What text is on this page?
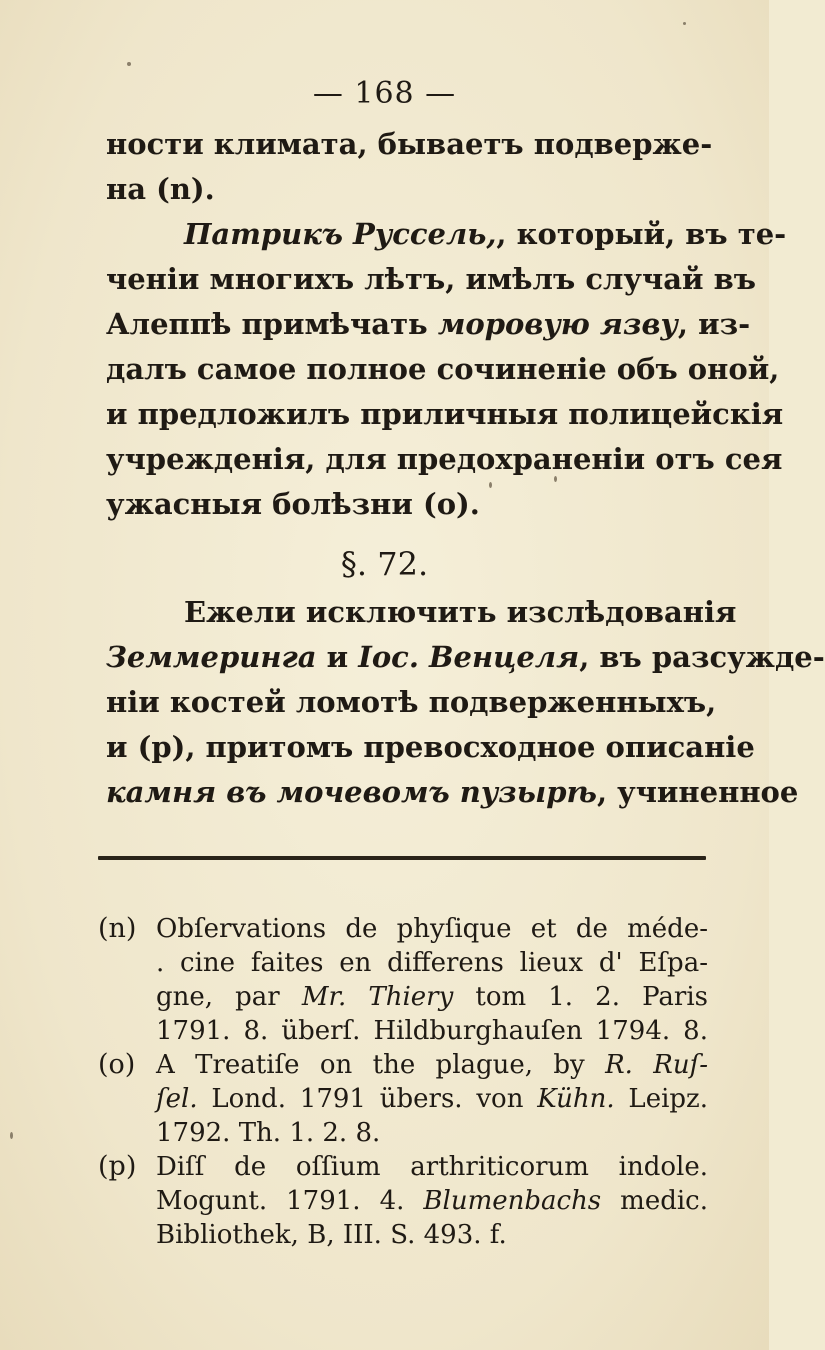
— 168 —
ности климата, бываетъ подверже-
на (n).
Патрикъ Руссель,, который, въ те-
ченіи многихъ лѣтъ, имѣлъ случай въ
Алеппѣ примѣчать моровую язву, из-
далъ самое полное сочиненіе объ оной,
и предложилъ приличныя полицейскія
учрежденія, для предохраненіи отъ сея
ужасныя болѣзни (o).
§. 72.
Ежели исключить изслѣдованія
Земмеринга и Іос. Венцеля, въ разсужде-
ніи костей ломотѣ подверженныхъ,
и (p), притомъ превосходное описаніе
камня въ мочевомъ пузырѣ, учиненное
(n) Obſervations de phyſique et de méde-
. cine faites en differens lieux d' Eſpa-
gne, par Mr. Thiery tom 1. 2. Paris
1791. 8. überſ. Hildburghauſen 1794. 8.
(o) A Treatiſe on the plague, by R. Ruſ-
ſel. Lond. 1791 übers. von Kühn. Leipz.
1792. Th. 1. 2. 8.
(p) Diſſ de oſſium arthriticorum indole.
Mogunt. 1791. 4. Blumenbachs medic.
Bibliothek, B, III. S. 493. f.
